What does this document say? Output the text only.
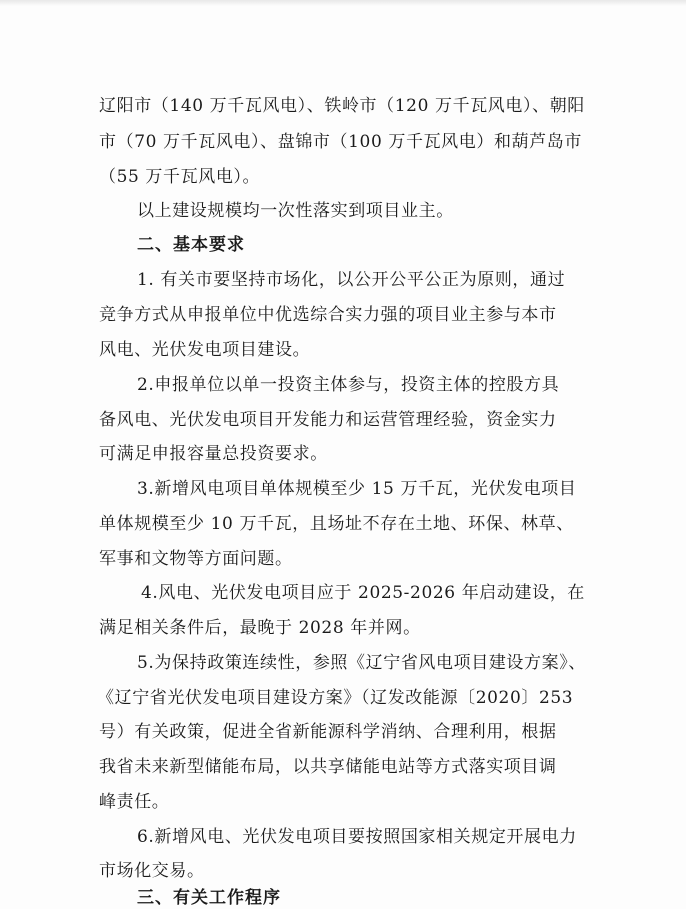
辽阳市（140 万千瓦风电）、铁岭市（120 万千瓦风电）、朝阳
市（70 万千瓦风电）、盘锦市（100 万千瓦风电）和葫芦岛市
（55 万千瓦风电）。
以上建设规模均一次性落实到项目业主。
二、基本要求
1. 有关市要坚持市场化，以公开公平公正为原则，通过
竞争方式从申报单位中优选综合实力强的项目业主参与本市
风电、光伏发电项目建设。
2.申报单位以单一投资主体参与，投资主体的控股方具
备风电、光伏发电项目开发能力和运营管理经验，资金实力
可满足申报容量总投资要求。
3.新增风电项目单体规模至少 15 万千瓦，光伏发电项目
单体规模至少 10 万千瓦，且场址不存在土地、环保、林草、
军事和文物等方面问题。
4.风电、光伏发电项目应于 2025-2026 年启动建设，在
满足相关条件后，最晚于 2028 年并网。
5.为保持政策连续性，参照《辽宁省风电项目建设方案》、
《辽宁省光伏发电项目建设方案》（辽发改能源〔2020〕253
号）有关政策，促进全省新能源科学消纳、合理利用，根据
我省未来新型储能布局，以共享储能电站等方式落实项目调
峰责任。
6.新增风电、光伏发电项目要按照国家相关规定开展电力
市场化交易。
三、有关工作程序
